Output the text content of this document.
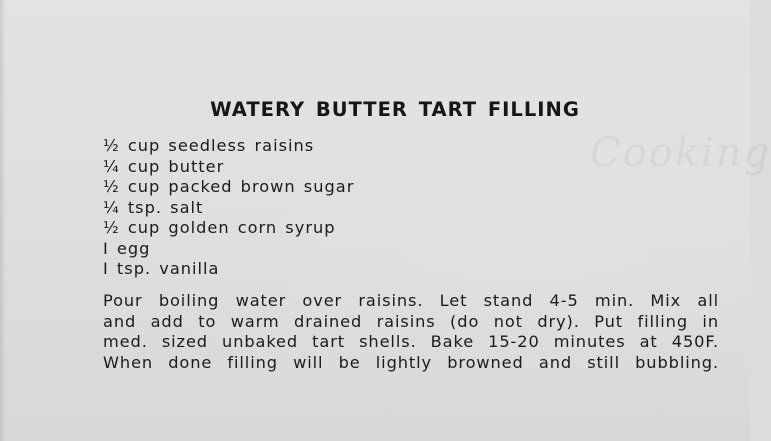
Cooking
WATERY BUTTER TART FILLING
½ cup seedless raisins
¼ cup butter
½ cup packed brown sugar
¼ tsp. salt
½ cup golden corn syrup
I egg
I tsp. vanilla
Pour boiling water over raisins. Let stand 4-5 min. Mix all
and add to warm drained raisins (do not dry). Put filling in
med. sized unbaked tart shells. Bake 15-20 minutes at 450F.
When done filling will be lightly browned and still bubbling.
